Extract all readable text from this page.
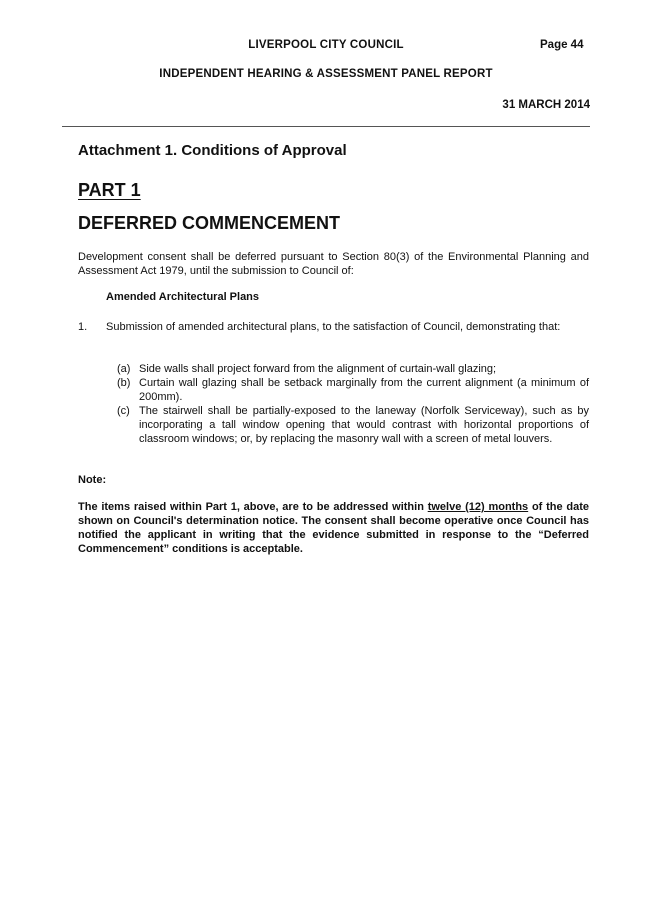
LIVERPOOL CITY COUNCIL	Page 44
INDEPENDENT HEARING & ASSESSMENT PANEL REPORT
31 MARCH 2014
Attachment 1. Conditions of Approval
PART 1
DEFERRED COMMENCEMENT
Development consent shall be deferred pursuant to Section 80(3) of the Environmental Planning and Assessment Act 1979, until the submission to Council of:
Amended Architectural Plans
1. Submission of amended architectural plans, to the satisfaction of Council, demonstrating that:
(a) Side walls shall project forward from the alignment of curtain-wall glazing;
(b) Curtain wall glazing shall be setback marginally from the current alignment (a minimum of 200mm).
(c) The stairwell shall be partially-exposed to the laneway (Norfolk Serviceway), such as by incorporating a tall window opening that would contrast with horizontal proportions of classroom windows; or, by replacing the masonry wall with a screen of metal louvers.
Note:
The items raised within Part 1, above, are to be addressed within twelve (12) months of the date shown on Council's determination notice. The consent shall become operative once Council has notified the applicant in writing that the evidence submitted in response to the “Deferred Commencement” conditions is acceptable.
